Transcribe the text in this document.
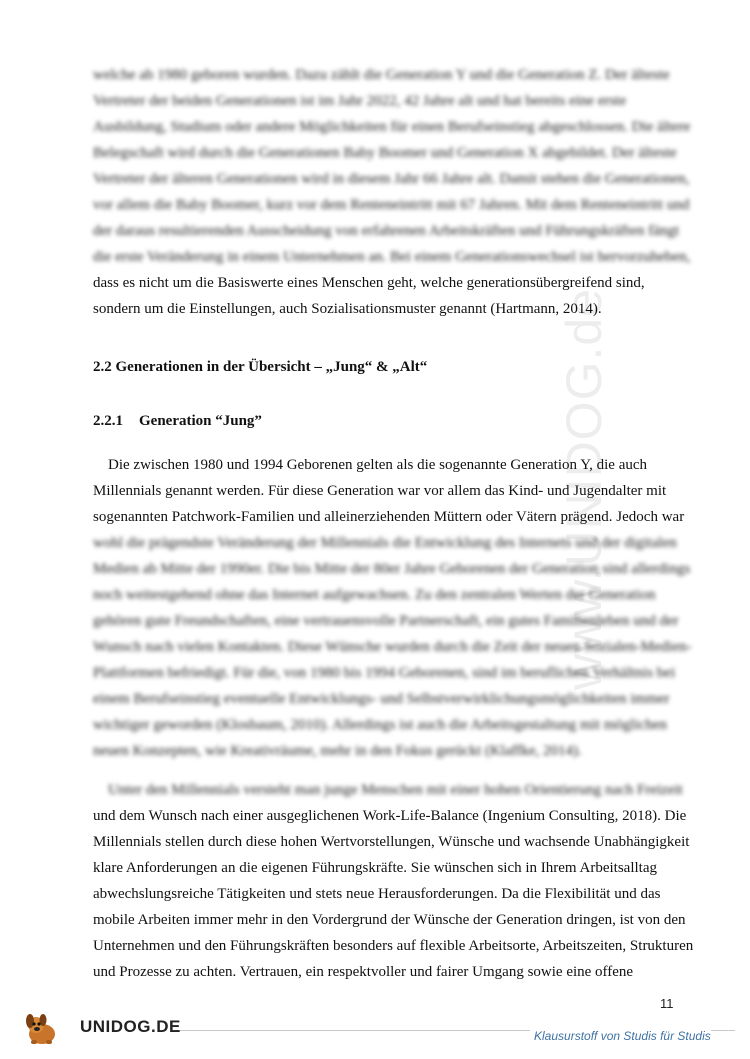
www.UNIDOG.de
welche ab 1980 geboren wurden. Dazu zählt die Generation Y und die Generation Z. Der älteste
Vertreter der beiden Generationen ist im Jahr 2022, 42 Jahre alt und hat bereits eine erste
Ausbildung, Studium oder andere Möglichkeiten für einen Berufseinstieg abgeschlossen. Die ältere
Belegschaft wird durch die Generationen Baby Boomer und Generation X abgebildet. Der älteste
Vertreter der älteren Generationen wird in diesem Jahr 66 Jahre alt. Damit stehen die Generationen,
vor allem die Baby Boomer, kurz vor dem Renteneintritt mit 67 Jahren. Mit dem Renteneintritt und
der daraus resultierenden Ausscheidung von erfahrenen Arbeitskräften und Führungskräften fängt
die erste Veränderung in einem Unternehmen an. Bei einem Generationswechsel ist hervorzuheben,
dass es nicht um die Basiswerte eines Menschen geht, welche generationsübergreifend sind,
sondern um die Einstellungen, auch Sozialisationsmuster genannt (Hartmann, 2014).
2.2 Generationen in der Übersicht – „Jung“ & „Alt“
2.2.1 Generation “Jung”
Die zwischen 1980 und 1994 Geborenen gelten als die sogenannte Generation Y, die auch
Millennials genannt werden. Für diese Generation war vor allem das Kind- und Jugendalter mit
sogenannten Patchwork-Familien und alleinerziehenden Müttern oder Vätern prägend. Jedoch war
wohl die prägendste Veränderung der Millennials die Entwicklung des Internets und der digitalen
Medien ab Mitte der 1990er. Die bis Mitte der 80er Jahre Geborenen der Generation sind allerdings
noch weitestgehend ohne das Internet aufgewachsen. Zu den zentralen Werten der Generation
gehören gute Freundschaften, eine vertrauensvolle Partnerschaft, ein gutes Familienleben und der
Wunsch nach vielen Kontakten. Diese Wünsche wurden durch die Zeit der neuen Sozialen-Medien-
Plattformen befriedigt. Für die, von 1980 bis 1994 Geborenen, sind im beruflichen Verhältnis bei
einem Berufseinstieg eventuelle Entwicklungs- und Selbstverwirklichungsmöglichkeiten immer
wichtiger geworden (Klosbaum, 2010). Allerdings ist auch die Arbeitsgestaltung mit möglichen
neuen Konzepten, wie Kreativräume, mehr in den Fokus gerückt (Klaffke, 2014).
Unter den Millennials versteht man junge Menschen mit einer hohen Orientierung nach Freizeit
und dem Wunsch nach einer ausgeglichenen Work-Life-Balance (Ingenium Consulting, 2018). Die
Millennials stellen durch diese hohen Wertvorstellungen, Wünsche und wachsende Unabhängigkeit
klare Anforderungen an die eigenen Führungskräfte. Sie wünschen sich in Ihrem Arbeitsalltag
abwechslungsreiche Tätigkeiten und stets neue Herausforderungen. Da die Flexibilität und das
mobile Arbeiten immer mehr in den Vordergrund der Wünsche der Generation dringen, ist von den
Unternehmen und den Führungskräften besonders auf flexible Arbeitsorte, Arbeitszeiten, Strukturen
und Prozesse zu achten. Vertrauen, ein respektvoller und fairer Umgang sowie eine offene
11
UNIDOG.DE	Klausurstoff von Studis für Studis
